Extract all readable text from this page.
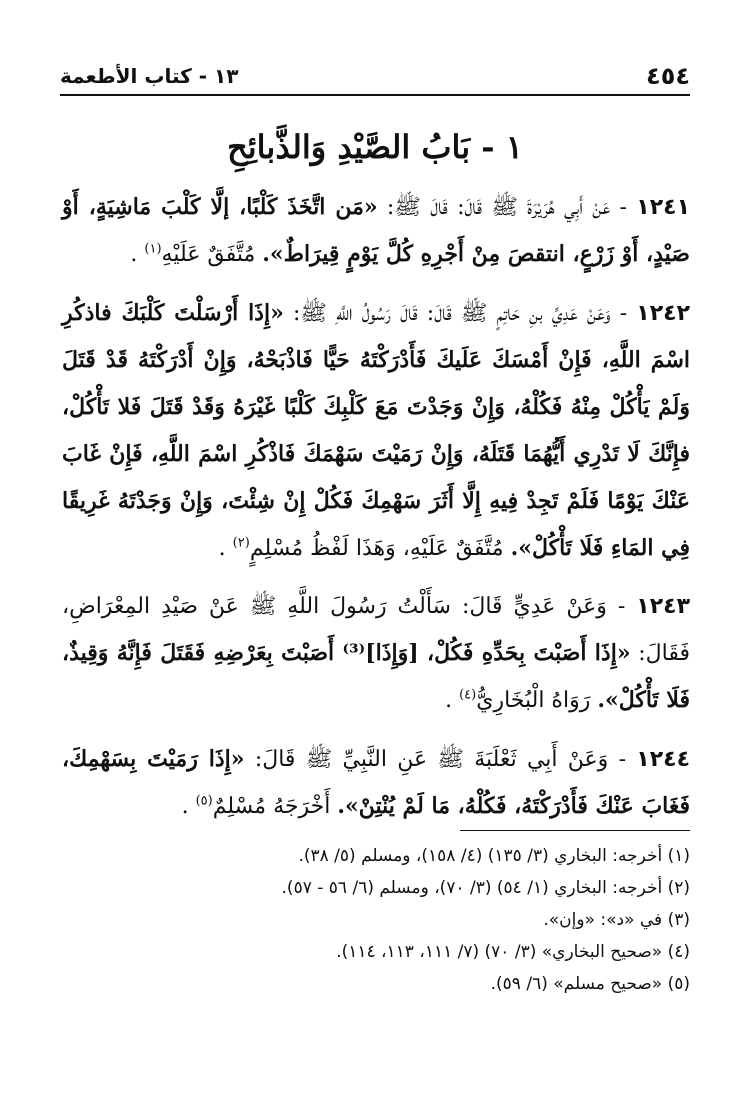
٤٥٤
١٣ - كتاب الأطعمة
١ - بَابُ الصَّيْدِ وَالذَّبائِحِ

١٢٤١ - عَنْ أَبِي هُرَيْرَةَ ﷺ قَالَ: قَالَ ﷺ: «مَن اتَّخَذَ كَلْبًا، إلَّا كَلْبَ مَاشِيَةٍ، أَوْ صَيْدٍ، أَوْ زَرْعٍ، انتقصَ مِنْ أَجْرِهِ كُلَّ يَوْمٍ قِيرَاطٌ». مُتَّفَقٌ عَلَيْهِ$^{(١)}$ .

١٢٤٢ - وَعَنْ عَدِيِّ بنِ حَاتِمٍ ﷺ قَالَ: قَالَ رَسُولُ اللَّهِ ﷺ: «إِذَا أَرْسَلْتَ كَلْبَكَ فاذكُرِ اسْمَ اللَّهِ، فَإِنْ أَمْسَكَ عَلَيكَ فَأَدْرَكْتَهُ حَيًّا فَاذْبَحْهُ، وَإِنْ أَدْرَكْتَهُ قَدْ قَتَلَ وَلَمْ يَأْكُلْ مِنْهُ فَكُلْهُ، وَإِنْ وَجَدْتَ مَعَ كَلْبِكَ كَلْبًا غَيْرَهُ وَقَدْ قَتَلَ فَلا تَأْكُلْ، فإِنَّكَ لَا تَدْرِي أَيُّهُمَا قَتَلَهُ، وَإِنْ رَمَيْتَ سَهْمَكَ فَاذْكُرِ اسْمَ اللَّهِ، فَإِنْ غَابَ عَنْكَ يَوْمًا فَلَمْ تَجِدْ فِيهِ إِلَّا أَثَرَ سَهْمِكَ فَكُلْ إِنْ شِئْتَ، وَإِنْ وَجَدْتَهُ غَرِيقًا فِي المَاءِ فَلَا تَأْكُلْ». مُتَّفَقٌ عَلَيْهِ، وَهَذَا لَفْظُ مُسْلِمٍ$^{(٢)}$ .

١٢٤٣ - وَعَنْ عَدِيٍّ قَالَ: سَأَلْتُ رَسُولَ اللَّهِ ﷺ عَنْ صَيْدِ المِعْرَاضِ، فَقَالَ: «إِذَا أَصَبْتَ بِحَدِّهِ فَكُلْ، [وَإِذَا]⁽³⁾ أَصَبْتَ بِعَرْضِهِ فَقَتَلَ فَإِنَّهُ وَقِيذٌ، فَلَا تَأْكُلْ». رَوَاهُ الْبُخَارِيُّ$^{(٤)}$ .

١٢٤٤ - وَعَنْ أَبِي ثَعْلَبَةَ ﷺ عَنِ النَّبِيِّ ﷺ قَالَ: «إِذَا رَمَيْتَ بِسَهْمِكَ، فَغَابَ عَنْكَ فَأَدْرَكْتَهُ، فَكُلْهُ، مَا لَمْ يُنْتِنْ». أَخْرَجَهُ مُسْلِمٌ$^{(٥)}$ .

(١) أخرجه: البخاري (٣/ ١٣٥) (٤/ ١٥٨)، ومسلم (٥/ ٣٨).

(٢) أخرجه: البخاري (١/ ٥٤) (٣/ ٧٠)، ومسلم (٦/ ٥٦ - ٥٧).

(٣) في «د»: «وإن».

(٤) «صحيح البخاري» (٣/ ٧٠) (٧/ ١١١، ١١٣، ١١٤).

(٥) «صحيح مسلم» (٦/ ٥٩).
